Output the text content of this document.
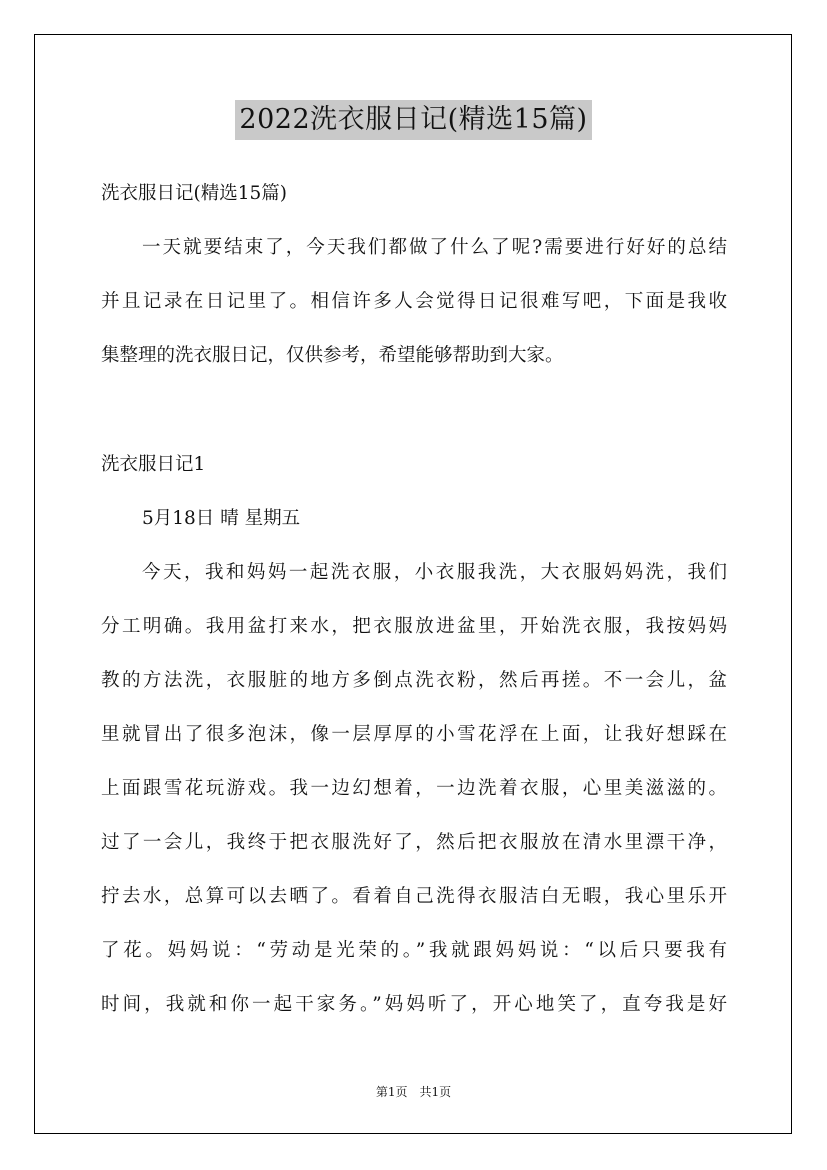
2022洗衣服日记(精选15篇)
洗衣服日记(精选15篇)
一天就要结束了，今天我们都做了什么了呢?需要进行好好的总结
并且记录在日记里了。相信许多人会觉得日记很难写吧，下面是我收
集整理的洗衣服日记，仅供参考，希望能够帮助到大家。
洗衣服日记1
5月18日 晴 星期五
今天，我和妈妈一起洗衣服，小衣服我洗，大衣服妈妈洗，我们
分工明确。我用盆打来水，把衣服放进盆里，开始洗衣服，我按妈妈
教的方法洗，衣服脏的地方多倒点洗衣粉，然后再搓。不一会儿，盆
里就冒出了很多泡沫，像一层厚厚的小雪花浮在上面，让我好想踩在
上面跟雪花玩游戏。我一边幻想着，一边洗着衣服，心里美滋滋的。
过了一会儿，我终于把衣服洗好了，然后把衣服放在清水里漂干净，
拧去水，总算可以去晒了。看着自己洗得衣服洁白无暇，我心里乐开
了花。妈妈说：“劳动是光荣的。”我就跟妈妈说：“以后只要我有
时间，我就和你一起干家务。”妈妈听了，开心地笑了，直夸我是好
第1页　共1页
